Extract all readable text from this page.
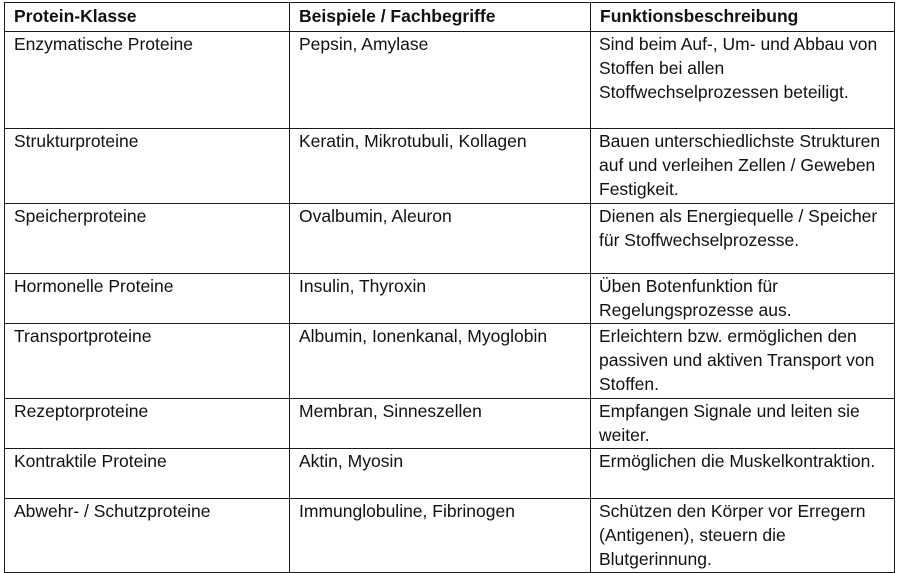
Protein-Klasse	Beispiele / Fachbegriffe	Funktionsbeschreibung
Enzymatische Proteine	Pepsin, Amylase	Sind beim Auf-, Um- und Abbau von Stoffen bei allen Stoffwechselprozessen beteiligt.
Strukturproteine	Keratin, Mikrotubuli, Kollagen	Bauen unterschiedlichste Strukturen auf und verleihen Zellen / Geweben Festigkeit.
Speicherproteine	Ovalbumin, Aleuron	Dienen als Energiequelle / Speicher für Stoffwechselprozesse.
Hormonelle Proteine	Insulin, Thyroxin	Üben Botenfunktion für Regelungsprozesse aus.
Transportproteine	Albumin, Ionenkanal, Myoglobin	Erleichtern bzw. ermöglichen den passiven und aktiven Transport von Stoffen.
Rezeptorproteine	Membran, Sinneszellen	Empfangen Signale und leiten sie weiter.
Kontraktile Proteine	Aktin, Myosin	Ermöglichen die Muskelkontraktion.
Abwehr- / Schutzproteine	Immunglobuline, Fibrinogen	Schützen den Körper vor Erregern (Antigenen), steuern die Blutgerinnung.
